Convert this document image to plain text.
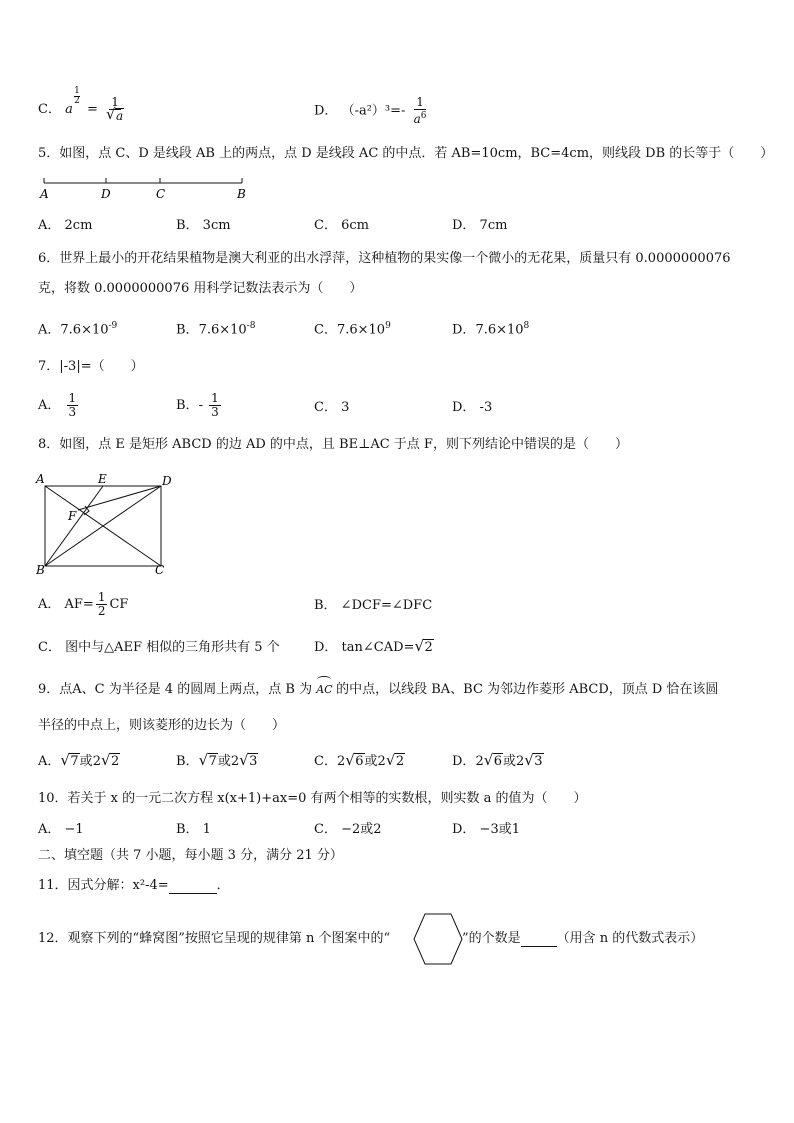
C． a
$\frac{1}{2}$
= 1
√ a	D． $(-a^2)^3=- \frac{1}{a^6}$
5．如图，点 C、D 是线段 AB 上的两点，点 D 是线段 AC 的中点．若 AB=10cm，BC=4cm，则线段 DB 的长等于（　　）
A	D	C	B
A． 2cm	B． 3cm	C． 6cm	D． 7cm
6．世界上最小的开花结果植物是澳大利亚的出水浮萍，这种植物的果实像一个微小的无花果，质量只有 0.0000000076
克，将数 0.0000000076 用科学记数法表示为（　　）
A．$7.6\times 10^{-9}$	B．$7.6\times 10^{-8}$	C．$7.6\times 10^9$	D．$7.6\times 10^8$
7．|-3|=（　　）
A． $\frac{1}{3}$	B．- $\frac{1}{3}$	C． 3	D． -3
8．如图，点 E 是矩形 ABCD 的边 AD 的中点，且 BE⊥AC 于点 F，则下列结论中错误的是（　　）
A	E	D
F
B	C
A． $AF= \frac{1}{2}$ CF	B． ∠DCF=∠DFC
C． 图中与△AEF 相似的三角形共有 5 个	D． tan∠CAD= √ 2
9．点A、C 为半径是 4 的圆周上两点，点 B 为 AC 的中点，以线段 BA、BC 为邻边作菱形 ABCD，顶点 D 恰在该圆
半径的中点上，则该菱形的边长为（　　）
A． √ 7或2 √ 2	B． √ 7或2 √ 3	C．2 √ 6或2 √ 2	D．2 √ 6或2 √ 3
10．若关于 x 的一元二次方程 x(x+1)+ax=0 有两个相等的实数根，则实数 a 的值为（　　）
A． −1	B． 1	C． −2或2	D． −3或1
二、填空题（共 7 小题，每小题 3 分，满分 21 分）
11．因式分解：x²-4=	．
12．观察下列的“蜂窝图”按照它呈现的规律第 n 个图案中的“	”的个数是	（用含 n 的代数式表示）
